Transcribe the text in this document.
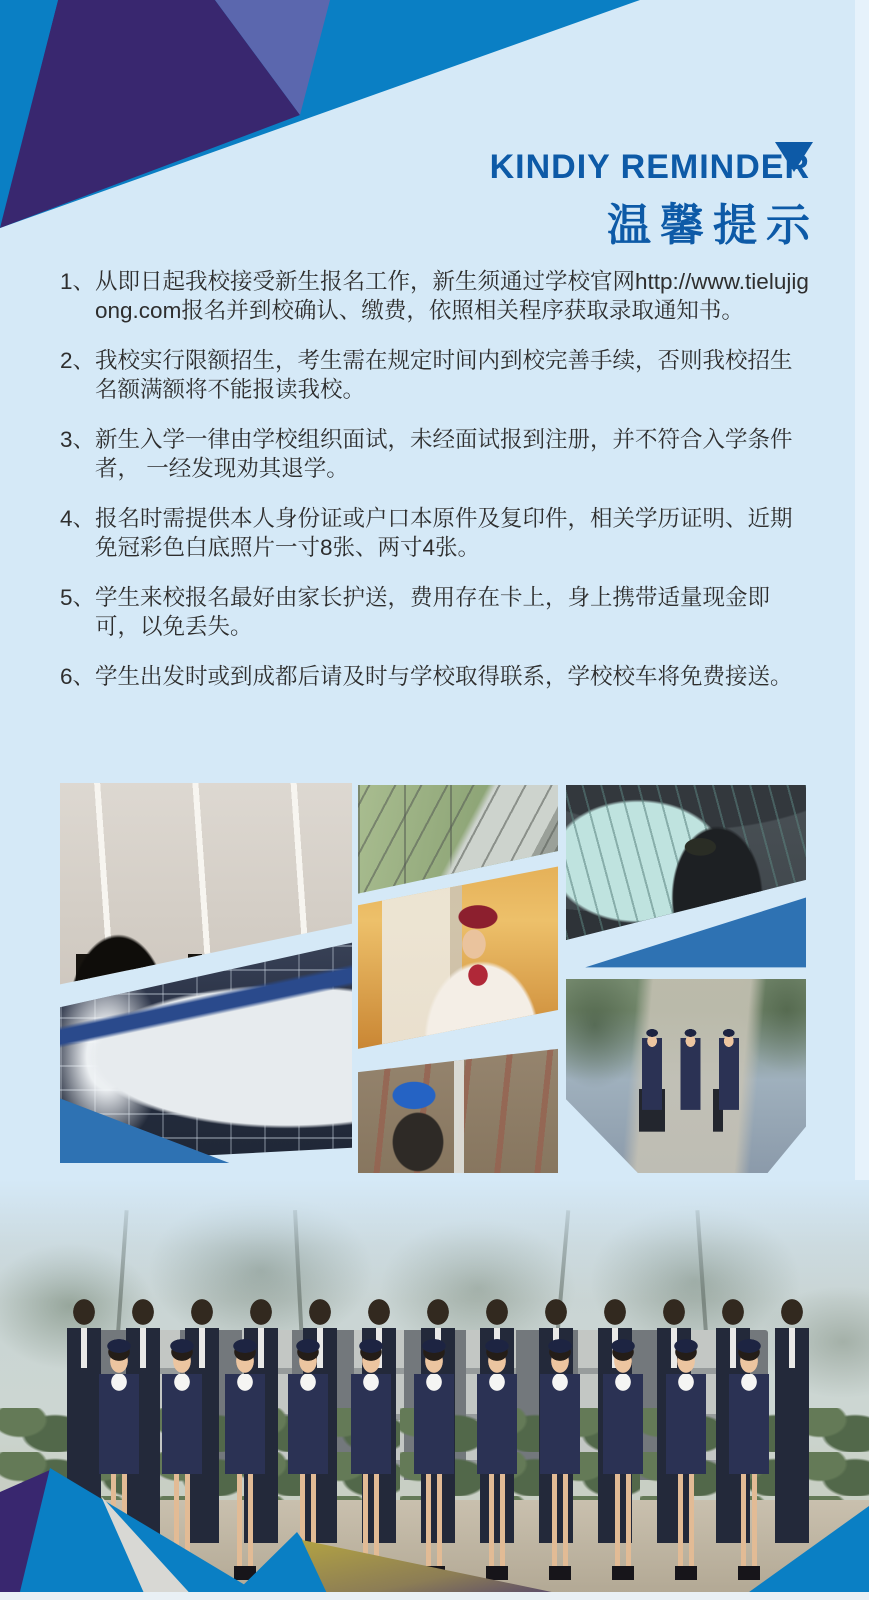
KINDIY REMINDER
温馨提示
1、 从即日起我校接受新生报名工作，新生须通过学校官网http://www.tielujigong.com报名并到校确认、缴费，依照相关程序获取录取通知书。
2、 我校实行限额招生，考生需在规定时间内到校完善手续，否则我校招生名额满额将不能报读我校。
3、 新生入学一律由学校组织面试，未经面试报到注册，并不符合入学条件者， 一经发现劝其退学。
4、 报名时需提供本人身份证或户口本原件及复印件，相关学历证明、近期免冠彩色白底照片一寸8张、两寸4张。
5、 学生来校报名最好由家长护送，费用存在卡上，身上携带适量现金即可，以免丢失。
6、 学生出发时或到成都后请及时与学校取得联系，学校校车将免费接送。
